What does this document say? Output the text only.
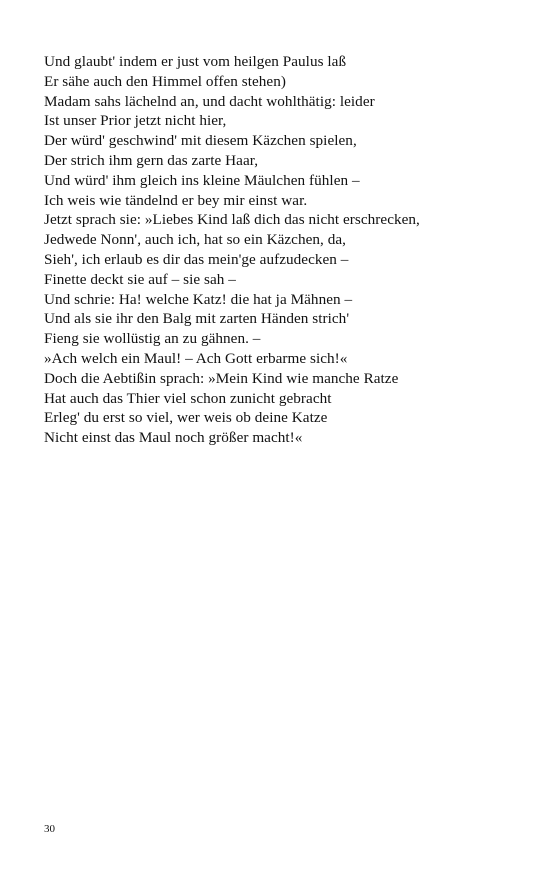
Und glaubt' indem er just vom heilgen Paulus laß
Er sähe auch den Himmel offen stehen)
Madam sahs lächelnd an, und dacht wohlthätig: leider
Ist unser Prior jetzt nicht hier,
Der würd' geschwind' mit diesem Käzchen spielen,
Der strich ihm gern das zarte Haar,
Und würd' ihm gleich ins kleine Mäulchen fühlen –
Ich weis wie tändelnd er bey mir einst war.
Jetzt sprach sie: »Liebes Kind laß dich das nicht erschrecken,
Jedwede Nonn', auch ich, hat so ein Käzchen, da,
Sieh', ich erlaub es dir das mein'ge aufzudecken –
Finette deckt sie auf – sie sah –
Und schrie: Ha! welche Katz! die hat ja Mähnen –
Und als sie ihr den Balg mit zarten Händen strich'
Fieng sie wollüstig an zu gähnen. –
»Ach welch ein Maul! – Ach Gott erbarme sich!«
Doch die Aebtißin sprach: »Mein Kind wie manche Ratze
Hat auch das Thier viel schon zunicht gebracht
Erleg' du erst so viel, wer weis ob deine Katze
Nicht einst das Maul noch größer macht!«
30
